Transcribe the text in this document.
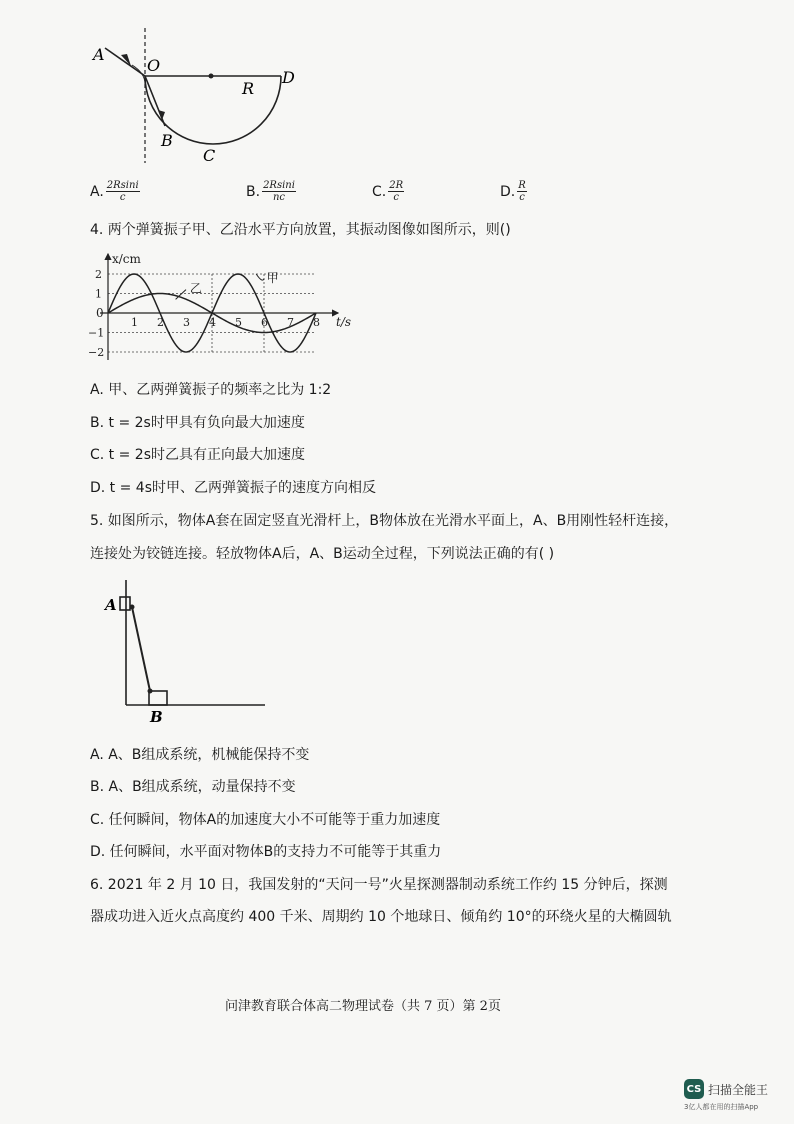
A
O
D
R
B
C
A. $\frac{2Rsini}{c}$	B. $\frac{2Rsini}{nc}$	C. $\frac{2R}{c}$	D. $\frac{R}{c}$
4. 两个弹簧振子甲、乙沿水平方向放置，其振动图像如图所示，则()
甲
乙
1 2 3 4 5 6 7 8
2
1
−1
−2
x/cm
t/s
0
A. 甲、乙两弹簧振子的频率之比为 1:2
B. t = 2s时甲具有负向最大加速度
C. t = 2s时乙具有正向最大加速度
D. t = 4s时甲、乙两弹簧振子的速度方向相反
5. 如图所示，物体A套在固定竖直光滑杆上，B物体放在光滑水平面上，A、B用刚性轻杆连接，
连接处为铰链连接。轻放物体A后，A、B运动全过程，下列说法正确的有( )
A
B
A. A、B组成系统，机械能保持不变
B. A、B组成系统，动量保持不变
C. 任何瞬间，物体A的加速度大小不可能等于重力加速度
D. 任何瞬间，水平面对物体B的支持力不可能等于其重力
6. 2021 年 2 月 10 日，我国发射的“天问一号”火星探测器制动系统工作约 15 分钟后，探测
器成功进入近火点高度约 400 千米、周期约 10 个地球日、倾角约 10°的环绕火星的大椭圆轨
问津教育联合体高二物理试卷（共 7 页）第 2页
CS 扫描全能王
3亿人都在用的扫描App
